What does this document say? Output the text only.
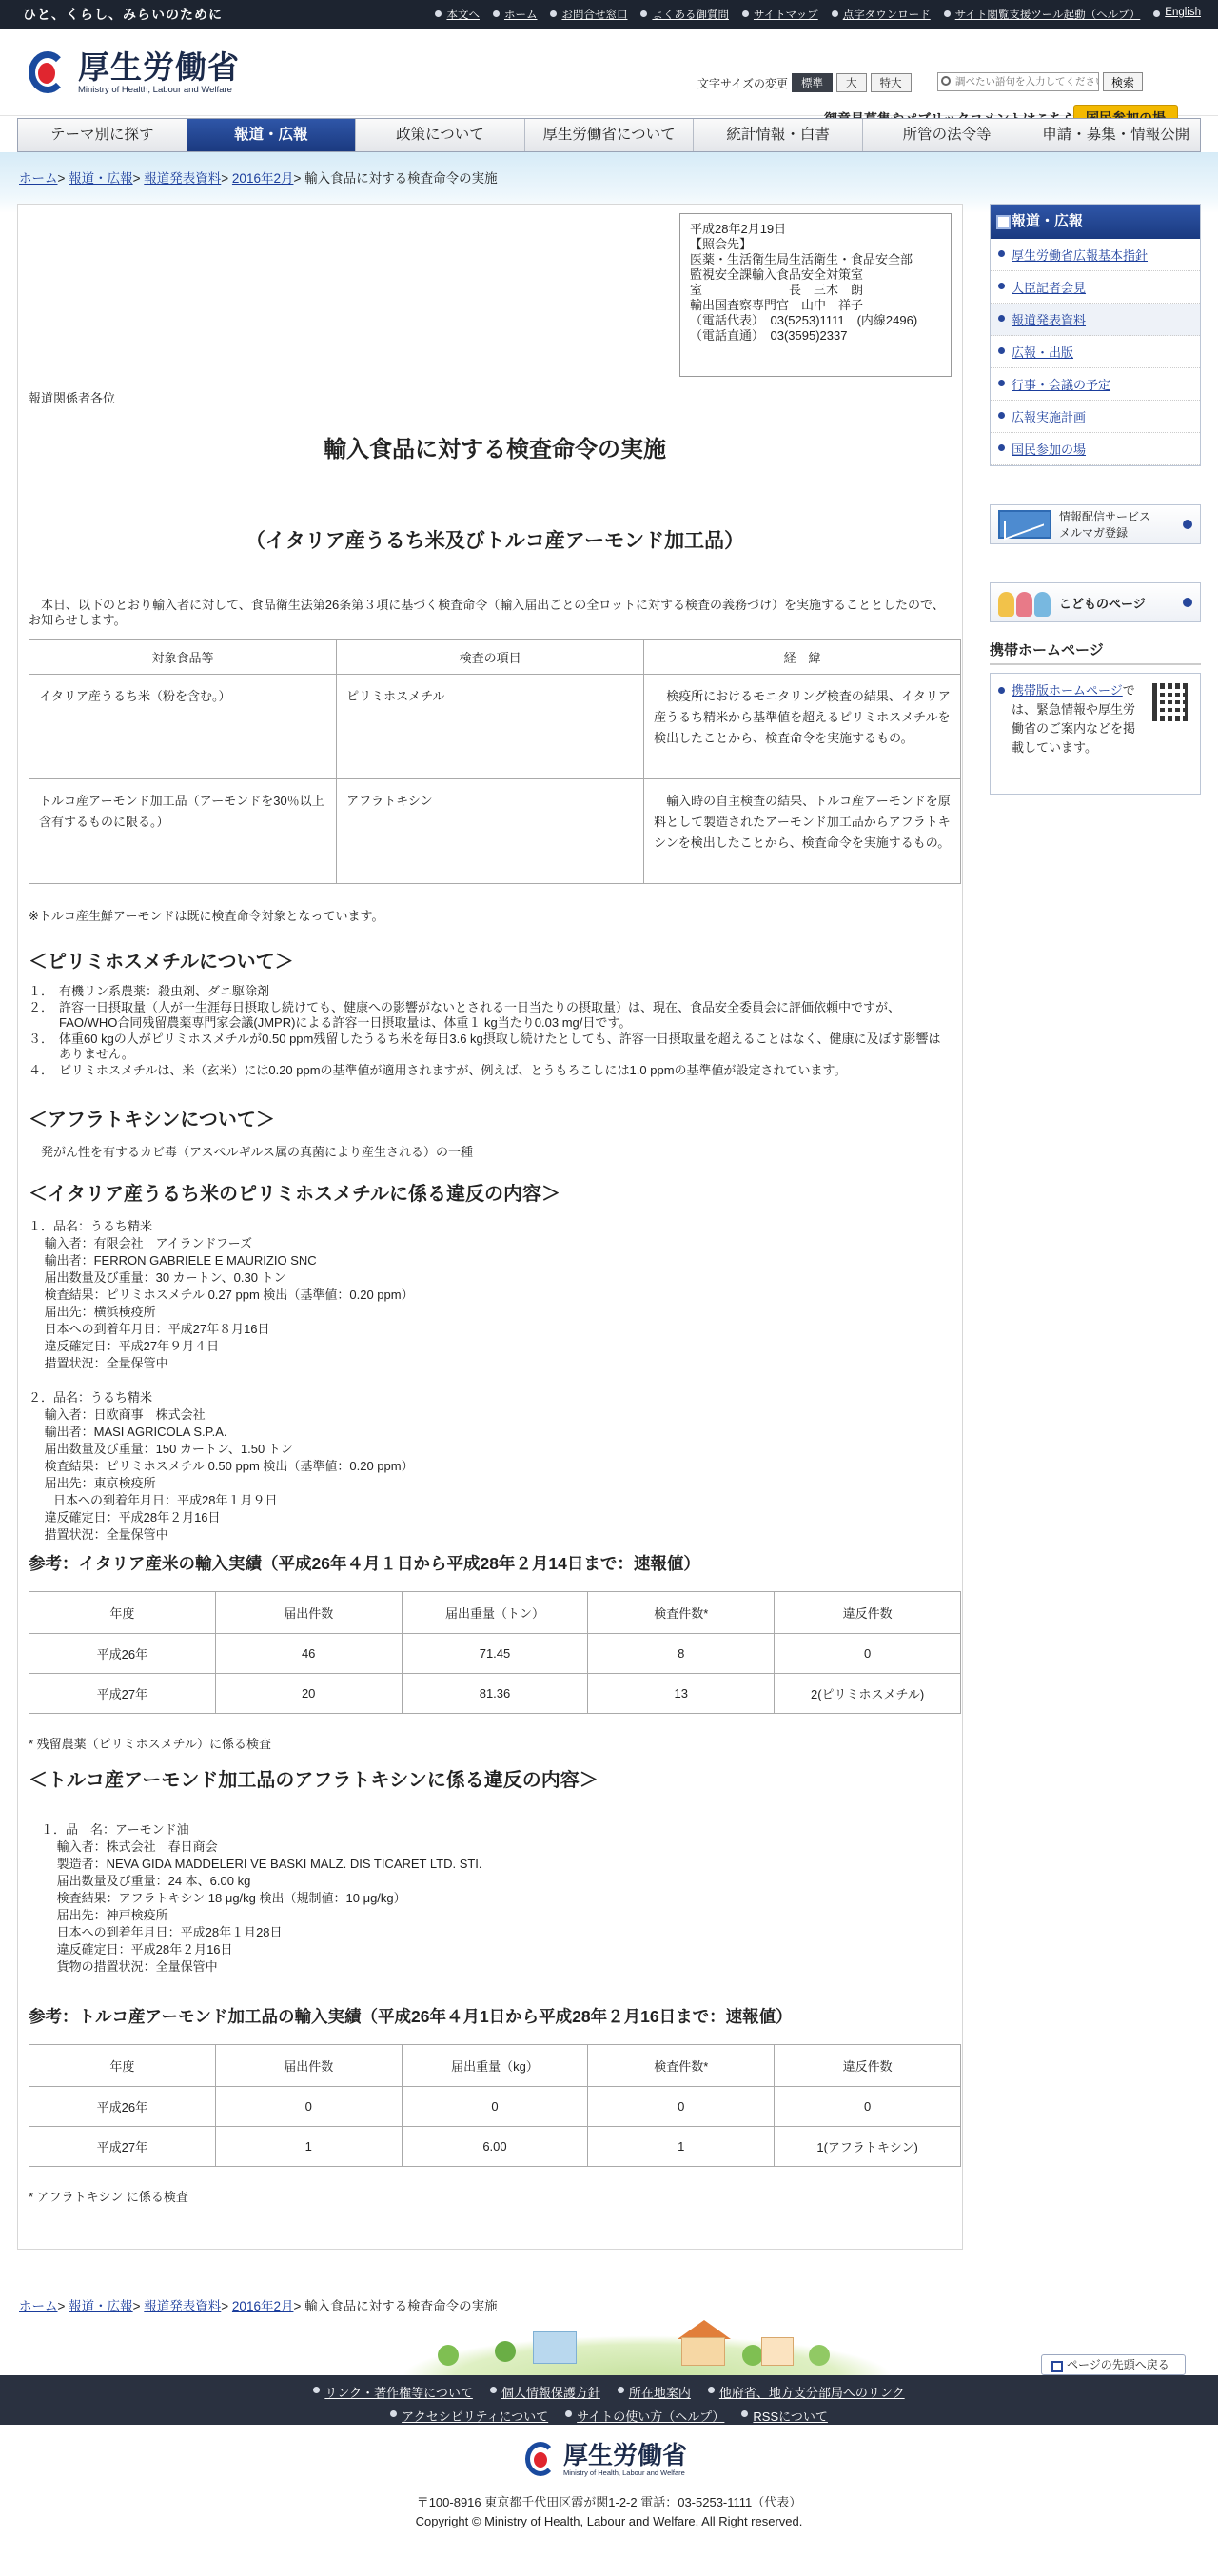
ひと、くらし、みらいのために	本文へ	ホーム	お問合せ窓口	よくある御質問	サイトマップ	点字ダウンロード	サイト閲覧支援ツール起動（ヘルプ）	English
厚生労働省
Ministry of Health, Labour and Welfare	文字サイズの変更	標準	大	特大
調べたい語句を入力してください	検索
テーマ別に探す	報道・広報	政策について	厚生労働省について	統計情報・白書	所管の法令等	申請・募集・情報公開
ホーム> 報道・広報> 報道発表資料> 2016年2月> 輸入食品に対する検査命令の実施
平成28年2月19日
【照会先】
医薬・生活衛生局生活衛生・食品安全部
監視安全課輸入食品安全対策室
室　　　　　　　長　三木　朗
輸出国査察専門官　山中　祥子
（電話代表）　03(5253)1111　(内線2496)
（電話直通）　03(3595)2337
報道関係者各位
輸入食品に対する検査命令の実施
（イタリア産うるち米及びトルコ産アーモンド加工品）
　本日、以下のとおり輸入者に対して、食品衛生法第26条第３項に基づく検査命令（輸入届出ごとの全ロットに対する検査の義務づけ）を実施することとしたので、お知らせします。
対象食品等	検査の項目	経　緯
イタリア産うるち米（粉を含む。）	ピリミホスメチル	　検疫所におけるモニタリング検査の結果、イタリア産うるち精米から基準値を超えるピリミホスメチルを検出したことから、検査命令を実施するもの。
トルコ産アーモンド加工品（アーモンドを30％以上含有するものに限る。）	アフラトキシン	　輸入時の自主検査の結果、トルコ産アーモンドを原料として製造されたアーモンド加工品からアフラトキシンを検出したことから、検査命令を実施するもの。
※トルコ産生鮮アーモンドは既に検査命令対象となっています。
＜ピリミホスメチルについて＞
１． 有機リン系農薬：殺虫剤、ダニ駆除剤
２． 許容一日摂取量（人が一生涯毎日摂取し続けても、健康への影響がないとされる一日当たりの摂取量）は、現在、食品安全委員会に評価依頼中ですが、FAO/WHO合同残留農薬専門家会議(JMPR)による許容一日摂取量は、体重１ kg当たり0.03 mg/日です。
３． 体重60 kgの人がピリミホスメチルが0.50 ppm残留したうるち米を毎日3.6 kg摂取し続けたとしても、許容一日摂取量を超えることはなく、健康に及ぼす影響はありません。
４． ピリミホスメチルは、米（玄米）には0.20 ppmの基準値が適用されますが、例えば、とうもろこしには1.0 ppmの基準値が設定されています。
＜アフラトキシンについて＞
　発がん性を有するカビ毒（アスペルギルス属の真菌により産生される）の一種
＜イタリア産うるち米のピリミホスメチルに係る違反の内容＞
１．品名：うるち精米
　 輸入者：有限会社　アイランドフーズ
　 輸出者：FERRON GABRIELE E MAURIZIO SNC
　 届出数量及び重量：30 カートン、0.30 トン
　 検査結果：ピリミホスメチル 0.27 ppm 検出（基準値：0.20 ppm）
　 届出先：横浜検疫所
　 日本への到着年月日：平成27年８月16日
　 違反確定日：平成27年９月４日
　 措置状況：全量保管中

２．品名：うるち精米
　 輸入者：日欧商事　株式会社
　 輸出者：MASI AGRICOLA S.P.A.
　 届出数量及び重量：150 カートン、1.50 トン
　 検査結果：ピリミホスメチル 0.50 ppm 検出（基準値：0.20 ppm）
　 届出先：東京検疫所
　　日本への到着年月日：平成28年１月９日
　 違反確定日：平成28年２月16日
　 措置状況：全量保管中
参考：イタリア産米の輸入実績（平成26年４月１日から平成28年２月14日まで：速報値）
年度	届出件数	届出重量（トン）	検査件数*	違反件数
平成26年	46	71.45	8	0
平成27年	20	81.36	13	2(ピリミホスメチル)
* 残留農薬（ピリミホスメチル）に係る検査
＜トルコ産アーモンド加工品のアフラトキシンに係る違反の内容＞
　１．品　名：アーモンド油
　　 輸入者：株式会社　春日商会
　　 製造者：NEVA GIDA MADDELERI VE BASKI MALZ. DIS TICARET LTD. STI.
　　 届出数量及び重量：24 本、6.00 kg
　　 検査結果：アフラトキシン 18 μg/kg 検出（規制値：10 μg/kg）
　　 届出先：神戸検疫所
　　 日本への到着年月日：平成28年１月28日
　　 違反確定日：平成28年２月16日
　　 貨物の措置状況：全量保管中
参考：トルコ産アーモンド加工品の輸入実績（平成26年４月1日から平成28年２月16日まで：速報値）
年度	届出件数	届出重量（kg）	検査件数*	違反件数
平成26年	0	0	0	0
平成27年	1	6.00	1	1(アフラトキシン)
* アフラトキシン に係る検査
報道・広報
厚生労働省広報基本指針
大臣記者会見
報道発表資料
広報・出版
行事・会議の予定
広報実施計画
国民参加の場
情報配信サービス
メルマガ登録
こどものページ
携帯ホームページ
携帯版ホームページでは、緊急情報や厚生労働省のご案内などを掲載しています。
ホーム> 報道・広報> 報道発表資料> 2016年2月> 輸入食品に対する検査命令の実施
ページの先頭へ戻る
リンク・著作権等について	個人情報保護方針	所在地案内	他府省、地方支分部局へのリンク
アクセシビリティについて	サイトの使い方（ヘルプ）	RSSについて
厚生労働省
Ministry of Health, Labour and Welfare
〒100-8916 東京都千代田区霞が関1-2-2 電話：03-5253-1111（代表）
Copyright © Ministry of Health, Labour and Welfare, All Right reserved.
